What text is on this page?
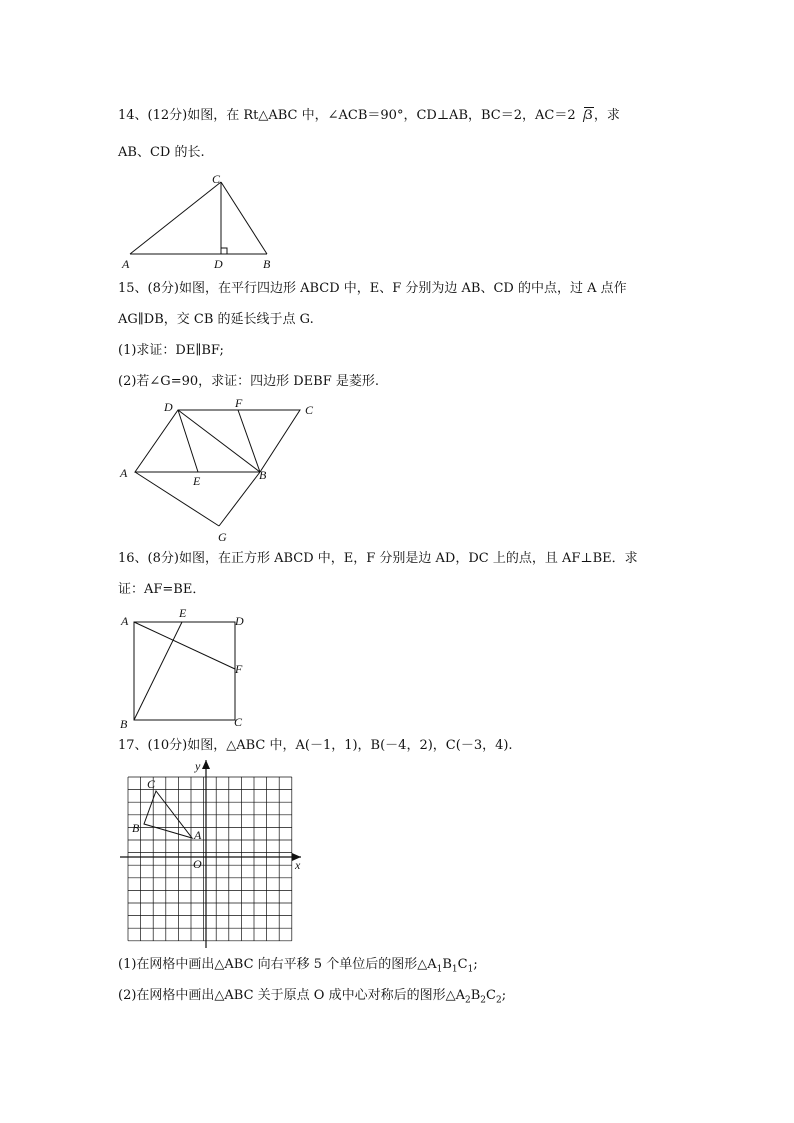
14、(12分)如图，在 Rt△ABC 中，∠ACB＝90°，CD⊥AB，BC＝2，AC＝2 3，求
AB、CD 的长.
A	B
C
D
15、(8分)如图，在平行四边形 ABCD 中，E、F 分别为边 AB、CD 的中点，过 A 点作
AG∥DB，交 CB 的延长线于点 G.
(1)求证：DE∥BF;
(2)若∠G=90，求证：四边形 DEBF 是菱形.
A	B
C
D
E
F
G
16、(8分)如图，在正方形 ABCD 中，E，F 分别是边 AD，DC 上的点，且 AF⊥BE．求
证：AF=BE．
A
B	C
D
E
F
17、(10分)如图，△ABC 中，A(－1，1)，B(－4，2)，C(－3，4).
A
B
C
O	x
y
(1)在网格中画出△ABC 向右平移 5 个单位后的图形$\triangle A_1B_1C_1$;
(2)在网格中画出△ABC 关于原点 O 成中心对称后的图形$\triangle A_2B_2C_2$;
